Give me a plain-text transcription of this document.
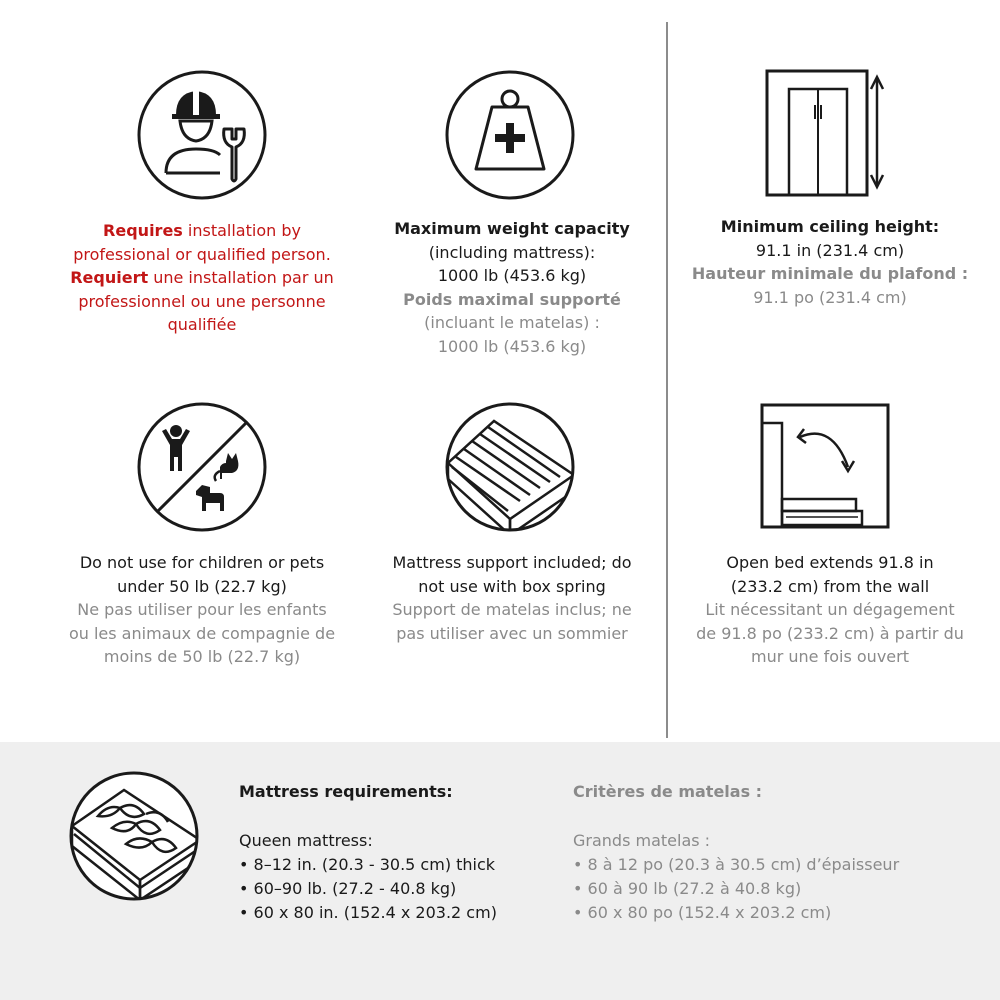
Requires installation by
professional or qualified person.
Requiert une installation par un
professionnel ou une personne
qualifiée
Maximum weight capacity
(including mattress):
1000 lb (453.6 kg)
Poids maximal supporté
(incluant le matelas) :
1000 lb (453.6 kg)
Minimum ceiling height:
91.1 in (231.4 cm)
Hauteur minimale du plafond :
91.1 po (231.4 cm)
Do not use for children or pets
under 50 lb (22.7 kg)
Ne pas utiliser pour les enfants
ou les animaux de compagnie de
moins de 50 lb (22.7 kg)
Mattress support included; do
not use with box spring
Support de matelas inclus; ne
pas utiliser avec un sommier
Open bed extends 91.8 in
(233.2 cm) from the wall
Lit nécessitant un dégagement
de 91.8 po (233.2 cm) à partir du
mur une fois ouvert
Mattress requirements:
Queen mattress:
• 8–12 in. (20.3 - 30.5 cm) thick
• 60–90 lb. (27.2 - 40.8 kg)
• 60 x 80 in. (152.4 x 203.2 cm)
Critères de matelas :
Grands matelas :
• 8 à 12 po (20.3 à 30.5 cm) d’épaisseur
• 60 à 90 lb (27.2 à 40.8 kg)
• 60 x 80 po (152.4 x 203.2 cm)
